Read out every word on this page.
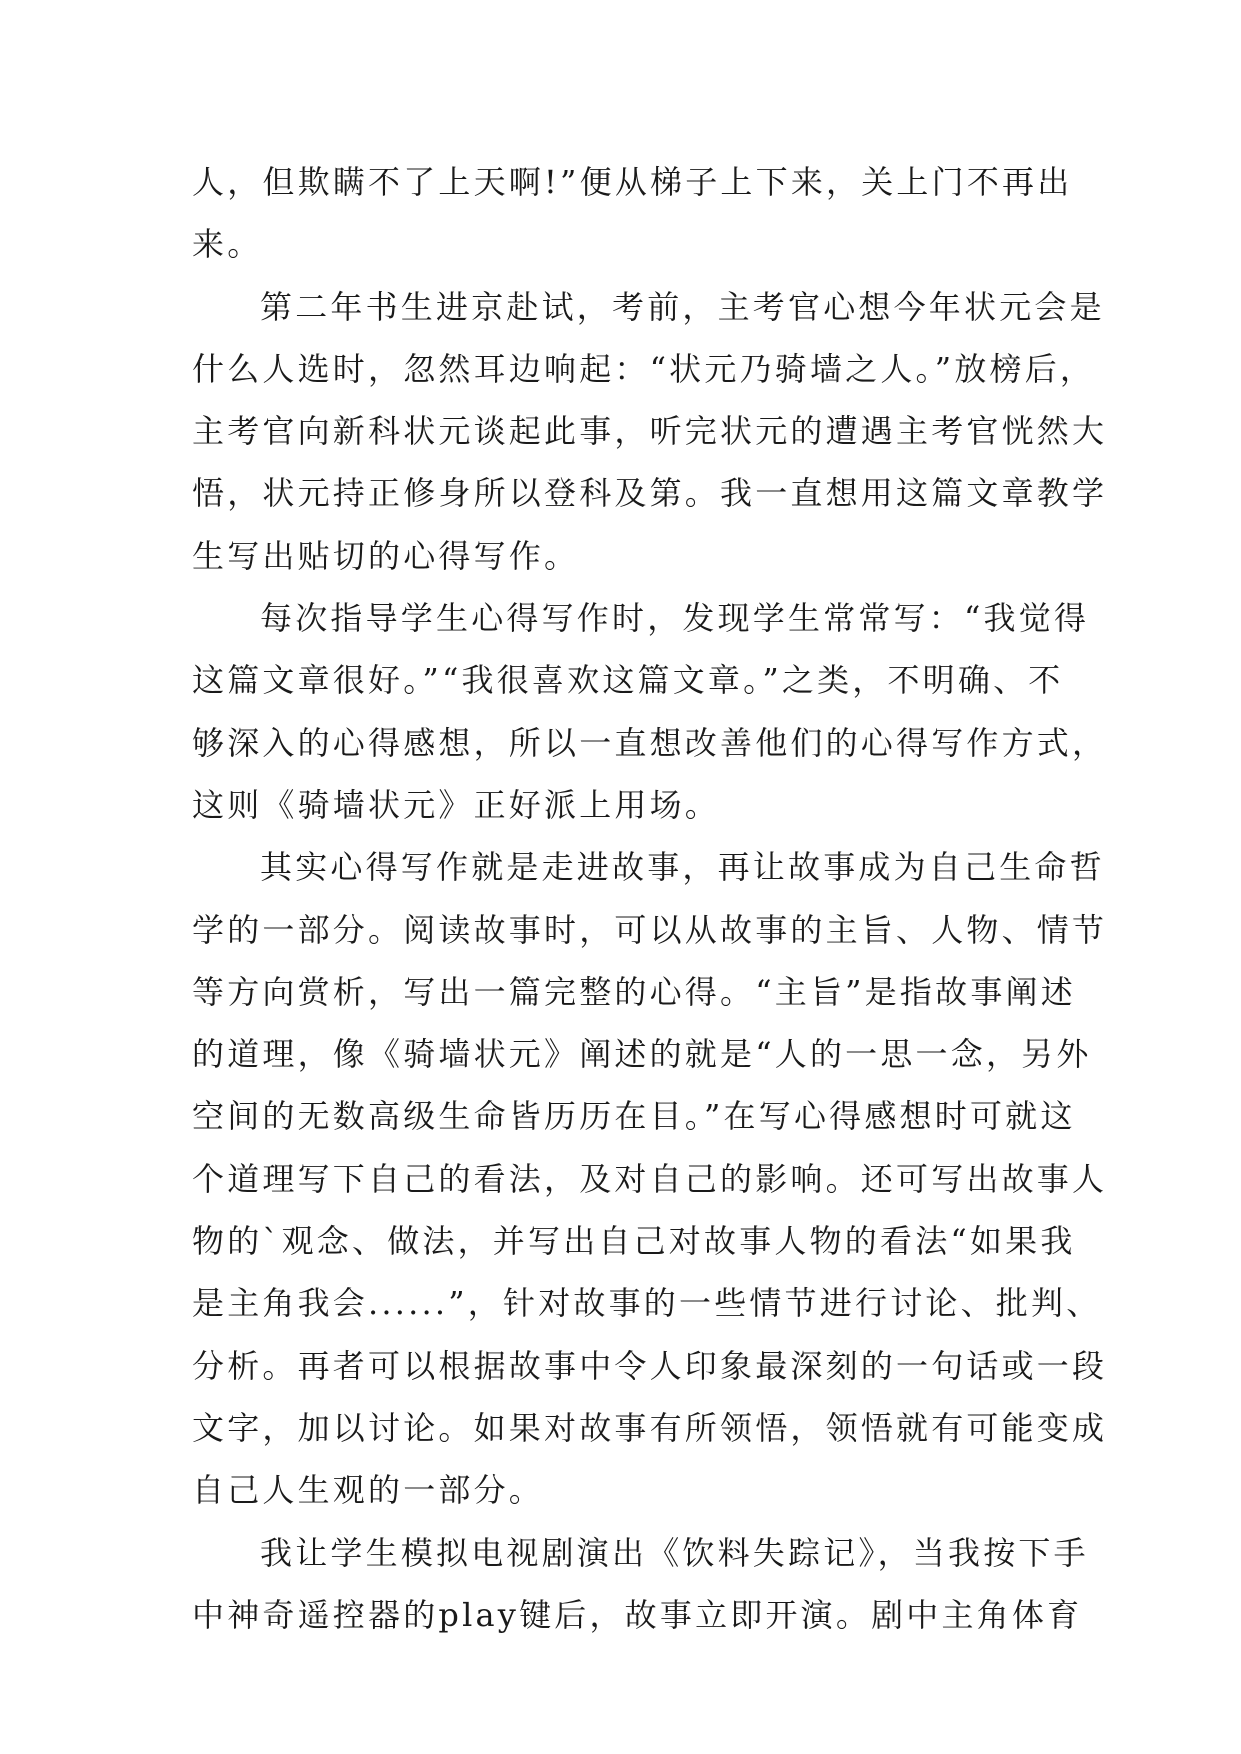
人，但欺瞒不了上天啊!”便从梯子上下来，关上门不再出
来。
第二年书生进京赴试，考前，主考官心想今年状元会是
什么人选时，忽然耳边响起：“状元乃骑墙之人。”放榜后，
主考官向新科状元谈起此事，听完状元的遭遇主考官恍然大
悟，状元持正修身所以登科及第。我一直想用这篇文章教学
生写出贴切的心得写作。
每次指导学生心得写作时，发现学生常常写：“我觉得
这篇文章很好。”“我很喜欢这篇文章。”之类，不明确、不
够深入的心得感想，所以一直想改善他们的心得写作方式，
这则《骑墙状元》正好派上用场。
其实心得写作就是走进故事，再让故事成为自己生命哲
学的一部分。阅读故事时，可以从故事的主旨、人物、情节
等方向赏析，写出一篇完整的心得。“主旨”是指故事阐述
的道理，像《骑墙状元》阐述的就是“人的一思一念，另外
空间的无数高级生命皆历历在目。”在写心得感想时可就这
个道理写下自己的看法，及对自己的影响。还可写出故事人
物的`观念、做法，并写出自己对故事人物的看法“如果我
是主角我会......”，针对故事的一些情节进行讨论、批判、
分析。再者可以根据故事中令人印象最深刻的一句话或一段
文字，加以讨论。如果对故事有所领悟，领悟就有可能变成
自己人生观的一部分。
我让学生模拟电视剧演出《饮料失踪记》，当我按下手
中神奇遥控器的play键后，故事立即开演。剧中主角体育
